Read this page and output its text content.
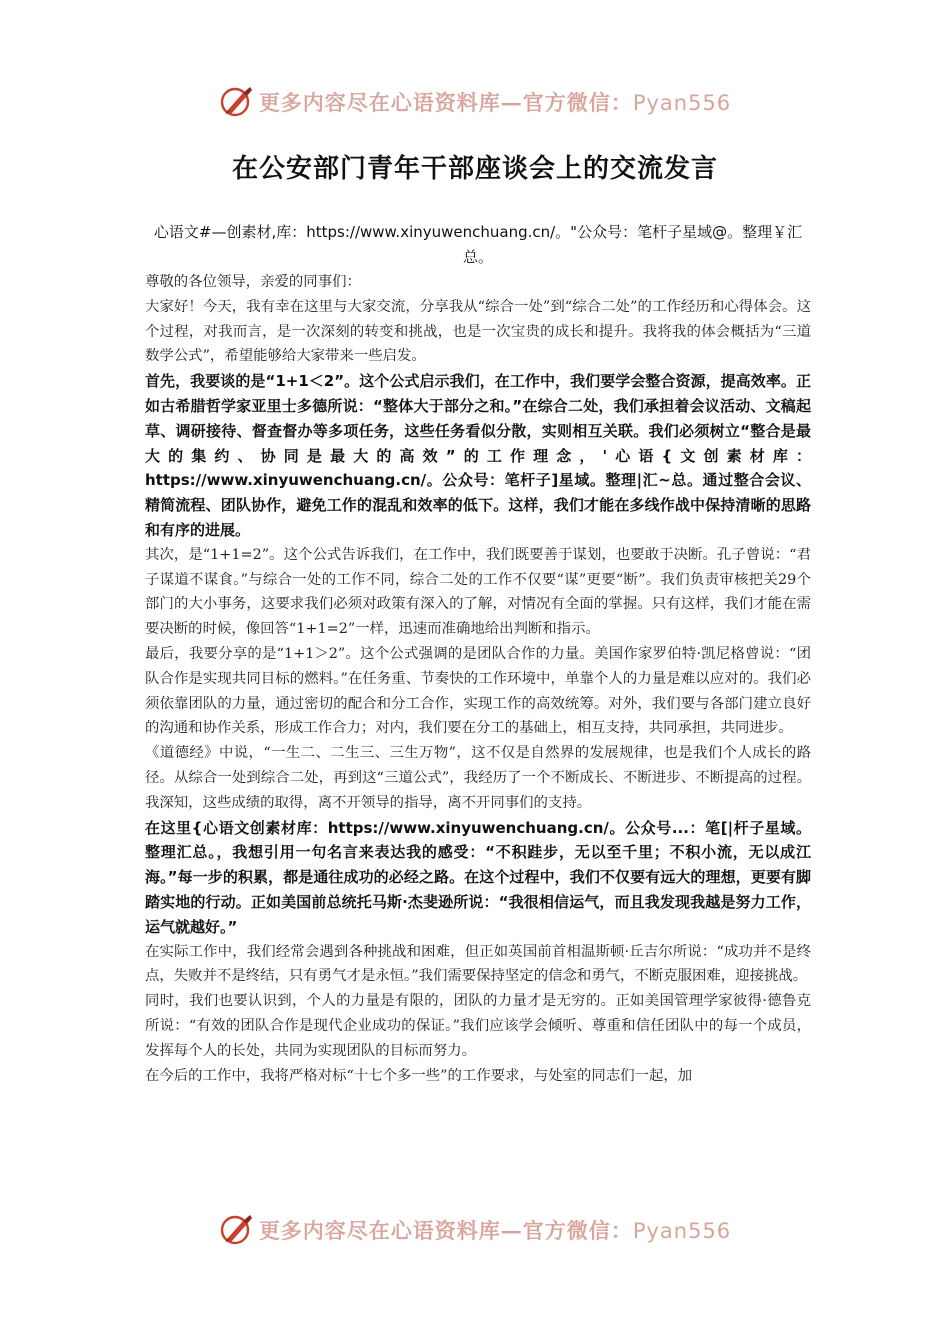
更多内容尽在心语资料库—官方微信：Pyan556
在公安部门青年干部座谈会上的交流发言

心语文#—创素材,库：https://www.xinyuwenchuang.cn/。"公众号：笔杆子星域@。整理￥汇总。

尊敬的各位领导，亲爱的同事们：

大家好！今天，我有幸在这里与大家交流，分享我从“综合一处”到“综合二处”的工作经历和心得体会。这个过程，对我而言，是一次深刻的转变和挑战，也是一次宝贵的成长和提升。我将我的体会概括为“三道数学公式”，希望能够给大家带来一些启发。

首先，我要谈的是“1+1＜2”。这个公式启示我们，在工作中，我们要学会整合资源，提高效率。正如古希腊哲学家亚里士多德所说：“整体大于部分之和。”在综合二处，我们承担着会议活动、文稿起草、调研接待、督查督办等多项任务，这些任务看似分散，实则相互关联。我们必须树立“整合是最大的集约、协同是最大的高效”的工作理念，'心语{文创素材库：https://www.xinyuwenchuang.cn/。公众号：笔杆子]星域。整理|汇~总。通过整合会议、精简流程、团队协作，避免工作的混乱和效率的低下。这样，我们才能在多线作战中保持清晰的思路和有序的进展。

其次，是“1+1=2”。这个公式告诉我们，在工作中，我们既要善于谋划，也要敢于决断。孔子曾说：“君子谋道不谋食。”与综合一处的工作不同，综合二处的工作不仅要“谋”更要“断”。我们负责审核把关29个部门的大小事务，这要求我们必须对政策有深入的了解，对情况有全面的掌握。只有这样，我们才能在需要决断的时候，像回答“1+1=2”一样，迅速而准确地给出判断和指示。

最后，我要分享的是“1+1＞2”。这个公式强调的是团队合作的力量。美国作家罗伯特·凯尼格曾说：“团队合作是实现共同目标的燃料。”在任务重、节奏快的工作环境中，单靠个人的力量是难以应对的。我们必须依靠团队的力量，通过密切的配合和分工合作，实现工作的高效统筹。对外，我们要与各部门建立良好的沟通和协作关系，形成工作合力；对内，我们要在分工的基础上，相互支持，共同承担，共同进步。

《道德经》中说，“一生二、二生三、三生万物”，这不仅是自然界的发展规律，也是我们个人成长的路径。从综合一处到综合二处，再到这“三道公式”，我经历了一个不断成长、不断进步、不断提高的过程。我深知，这些成绩的取得，离不开领导的指导，离不开同事们的支持。

在这里{心语文创素材库：https://www.xinyuwenchuang.cn/。公众号...：笔[|杆子星域。整理汇总。，我想引用一句名言来表达我的感受：“不积跬步，无以至千里；不积小流，无以成江海。”每一步的积累，都是通往成功的必经之路。在这个过程中，我们不仅要有远大的理想，更要有脚踏实地的行动。正如美国前总统托马斯·杰斐逊所说：“我很相信运气，而且我发现我越是努力工作，运气就越好。”

在实际工作中，我们经常会遇到各种挑战和困难，但正如英国前首相温斯顿·丘吉尔所说：“成功并不是终点，失败并不是终结，只有勇气才是永恒。”我们需要保持坚定的信念和勇气，不断克服困难，迎接挑战。

同时，我们也要认识到，个人的力量是有限的，团队的力量才是无穷的。正如美国管理学家彼得·德鲁克所说：“有效的团队合作是现代企业成功的保证。”我们应该学会倾听、尊重和信任团队中的每一个成员，发挥每个人的长处，共同为实现团队的目标而努力。

在今后的工作中，我将严格对标“十七个多一些”的工作要求，与处室的同志们一起，加

更多内容尽在心语资料库—官方微信：Pyan556
